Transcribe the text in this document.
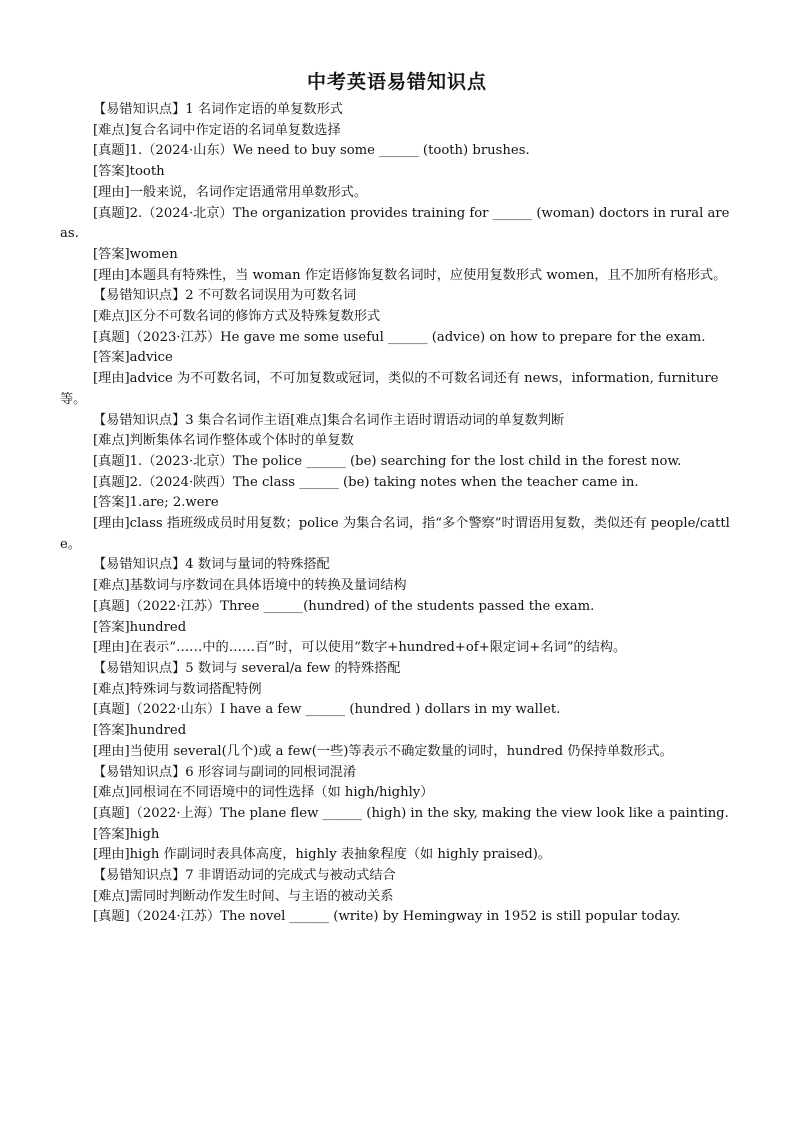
中考英语易错知识点
【易错知识点】1 名词作定语的单复数形式
[难点]复合名词中作定语的名词单复数选择
[真题]1.（2024·山东）We need to buy some ______ (tooth) brushes.
[答案]tooth
[理由]一般来说，名词作定语通常用单数形式。
[真题]2.（2024·北京）The organization provides training for ______ (woman) doctors in rural areas.
[答案]women
[理由]本题具有特殊性，当 woman 作定语修饰复数名词时，应使用复数形式 women，且不加所有格形式。
【易错知识点】2 不可数名词误用为可数名词
[难点]区分不可数名词的修饰方式及特殊复数形式
[真题]（2023·江苏）He gave me some useful ______ (advice) on how to prepare for the exam.
[答案]advice
[理由]advice 为不可数名词，不可加复数或冠词，类似的不可数名词还有 news，information, furniture 等。
【易错知识点】3 集合名词作主语[难点]集合名词作主语时谓语动词的单复数判断
[难点]判断集体名词作整体或个体时的单复数
[真题]1.（2023·北京）The police ______ (be) searching for the lost child in the forest now.
[真题]2.（2024·陕西）The class ______ (be) taking notes when the teacher came in.
[答案]1.are; 2.were
[理由]class 指班级成员时用复数；police 为集合名词，指“多个警察”时谓语用复数，类似还有 people/cattle。
【易错知识点】4 数词与量词的特殊搭配
[难点]基数词与序数词在具体语境中的转换及量词结构
[真题]（2022·江苏）Three ______(hundred) of the students passed the exam.
[答案]hundred
[理由]在表示“……中的……百”时，可以使用“数字+hundred+of+限定词+名词”的结构。
【易错知识点】5 数词与 several/a few 的特殊搭配
[难点]特殊词与数词搭配特例
[真题]（2022·山东）I have a few ______ (hundred ) dollars in my wallet.
[答案]hundred
[理由]当使用 several(几个)或 a few(一些)等表示不确定数量的词时，hundred 仍保持单数形式。
【易错知识点】6 形容词与副词的同根词混淆
[难点]同根词在不同语境中的词性选择（如 high/highly）
[真题]（2022·上海）The plane flew ______ (high) in the sky, making the view look like a painting.
[答案]high
[理由]high 作副词时表具体高度，highly 表抽象程度（如 highly praised)。
【易错知识点】7 非谓语动词的完成式与被动式结合
[难点]需同时判断动作发生时间、与主语的被动关系
[真题]（2024·江苏）The novel ______ (write) by Hemingway in 1952 is still popular today.
